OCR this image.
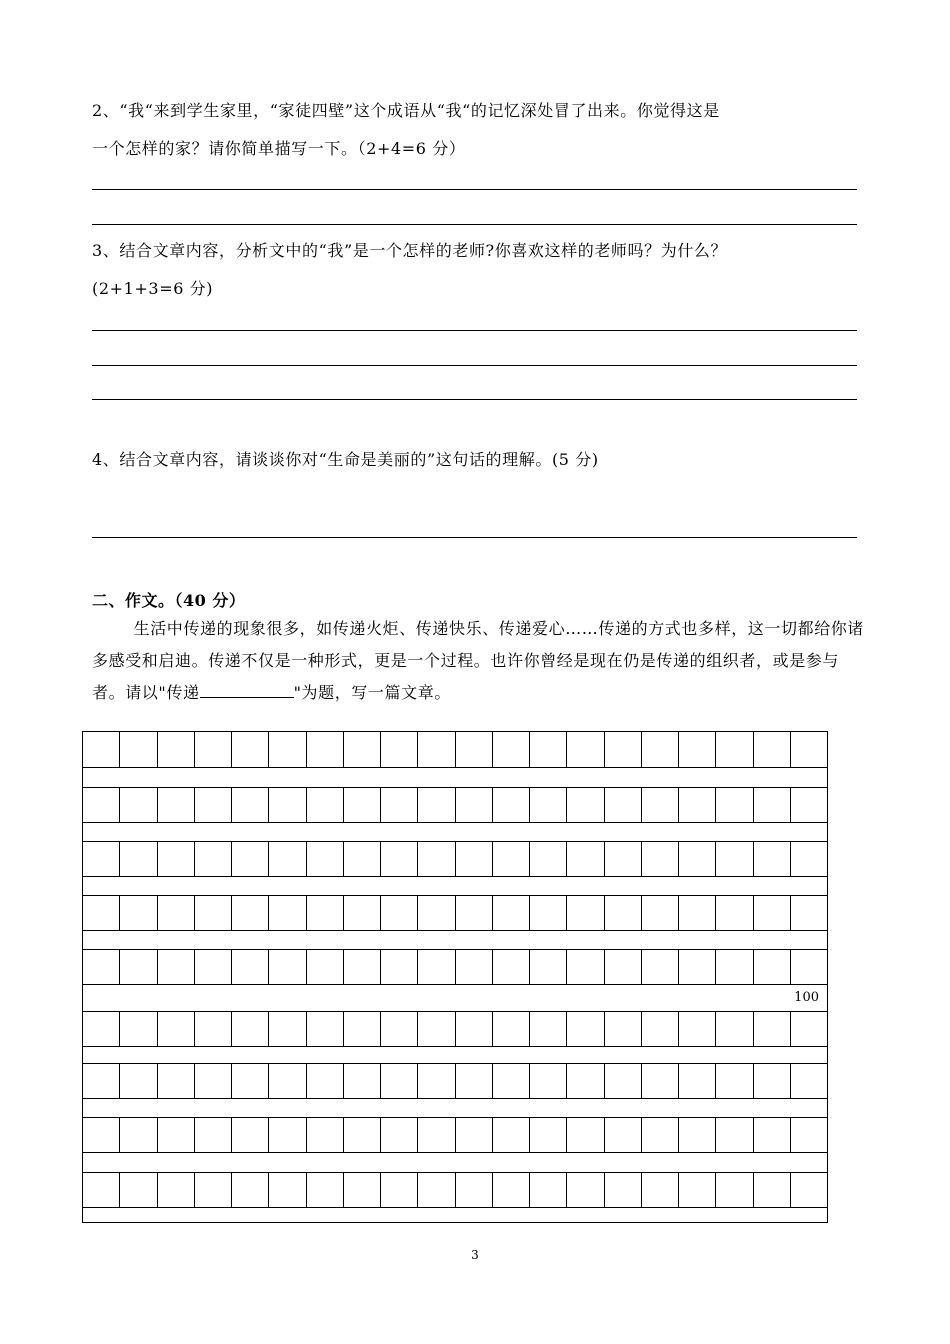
2、“我“来到学生家里，“家徒四壁”这个成语从“我“的记忆深处冒了出来。你觉得这是
一个怎样的家？请你简单描写一下。（2+4=6 分）
3、结合文章内容，分析文中的“我”是一个怎样的老师?你喜欢这样的老师吗？为什么？
(2+1+3=6 分)
4、结合文章内容，请谈谈你对“生命是美丽的”这句话的理解。(5 分)
二、作文。（40 分）

生活中传递的现象很多，如传递火炬、传递快乐、传递爱心……传递的方式也多样，这一切都给你诸多感受和启迪。传递不仅是一种形式，更是一个过程。也许你曾经是现在仍是传递的组织者，或是参与者。请以"传递	"为题，写一篇文章。

100
3
